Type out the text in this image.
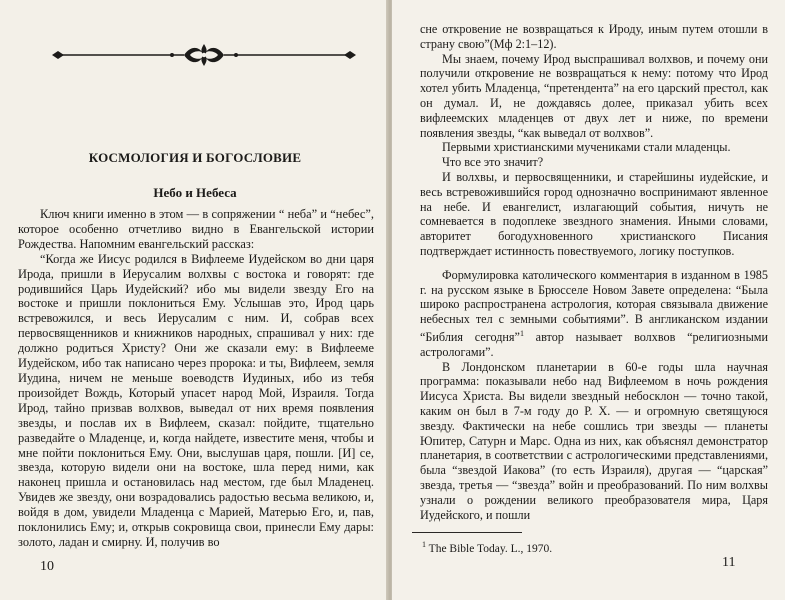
КОСМОЛОГИЯ И БОГОСЛОВИЕ
Небо и Небеса

Ключ книги именно в этом — в сопряжении “ неба” и “небес”, которое особенно отчетливо видно в Евангельской истории Рождества. Напомним евангельский рассказ:

“Когда же Иисус родился в Вифлееме Иудейском во дни царя Ирода, пришли в Иерусалим волхвы с востока и говорят: где родившийся Царь Иудейский? ибо мы видели звезду Его на востоке и пришли поклониться Ему. Услышав это, Ирод царь встревожился, и весь Иерусалим с ним. И, собрав всех первосвященников и книжников народных, спрашивал у них: где должно родиться Христу? Они же сказали ему: в Вифлееме Иудейском, ибо так написано через пророка: и ты, Вифлеем, земля Иудина, ничем не меньше воеводств Иудиных, ибо из тебя произойдет Вождь, Который упасет народ Мой, Израиля. Тогда Ирод, тайно призвав волхвов, выведал от них время появления звезды, и послав их в Вифлеем, сказал: пойдите, тщательно разведайте о Младенце, и, когда найдете, известите меня, чтобы и мне пойти поклониться Ему. Они, выслушав царя, пошли. [И] се, звезда, которую видели они на востоке, шла перед ними, как наконец пришла и остановилась над местом, где был Младенец. Увидев же звезду, они возрадовались радостью весьма великою, и, войдя в дом, увидели Младенца с Марией, Матерью Его, и, пав, поклонились Ему; и, открыв сокровища свои, принесли Ему дары: золото, ладан и смирну. И, получив во

10

сне откровение не возвращаться к Ироду, иным путем отошли в страну свою”(Мф 2:1–12).

Мы знаем, почему Ирод выспрашивал волхвов, и почему они получили откровение не возвращаться к нему: потому что Ирод хотел убить Младенца, “претендента” на его царский престол, как он думал. И, не дождавясь долее, приказал убить всех вифлеемских младенцев от двух лет и ниже, по времени появления звезды, “как выведал от волхвов”.

Первыми христианскими мучениками стали младенцы.

Что все это значит?

И волхвы, и первосвященники, и старейшины иудейские, и весь встревожившийся город однозначно воспринимают явленное на небе. И евангелист, излагающий события, ничуть не сомневается в подоплеке звездного знамения. Иными словами, авторитет богодухновенного христианского Писания подтверждает истинность повествуемого, логику поступков.

Формулировка католического комментария в изданном в 1985 г. на русском языке в Брюсселе Новом Завете определена: “Была широко распространена астрология, которая связывала движение небесных тел с земными событиями”. В англиканском издании “Библия сегодня”$^1$ автор называет волхвов “религиозными астрологами”.

В Лондонском планетарии в 60-е годы шла научная программа: показывали небо над Вифлеемом в ночь рождения Иисуса Христа. Вы видели звездный небосклон — точно такой, каким он был в 7-м году до Р. Х. — и огромную светящуюся звезду. Фактически на небе сошлись три звезды — планеты Юпитер, Сатурн и Марс. Одна из них, как объяснял демонстратор планетария, в соответствии с астрологическими представлениями, была “звездой Иакова” (то есть Израиля), другая — “царская” звезда, третья — “звезда” войн и преобразований. По ним волхвы узнали о рождении великого преобразователя мира, Царя Иудейского, и пошли

$^1$ The Bible Today. L., 1970.
11
